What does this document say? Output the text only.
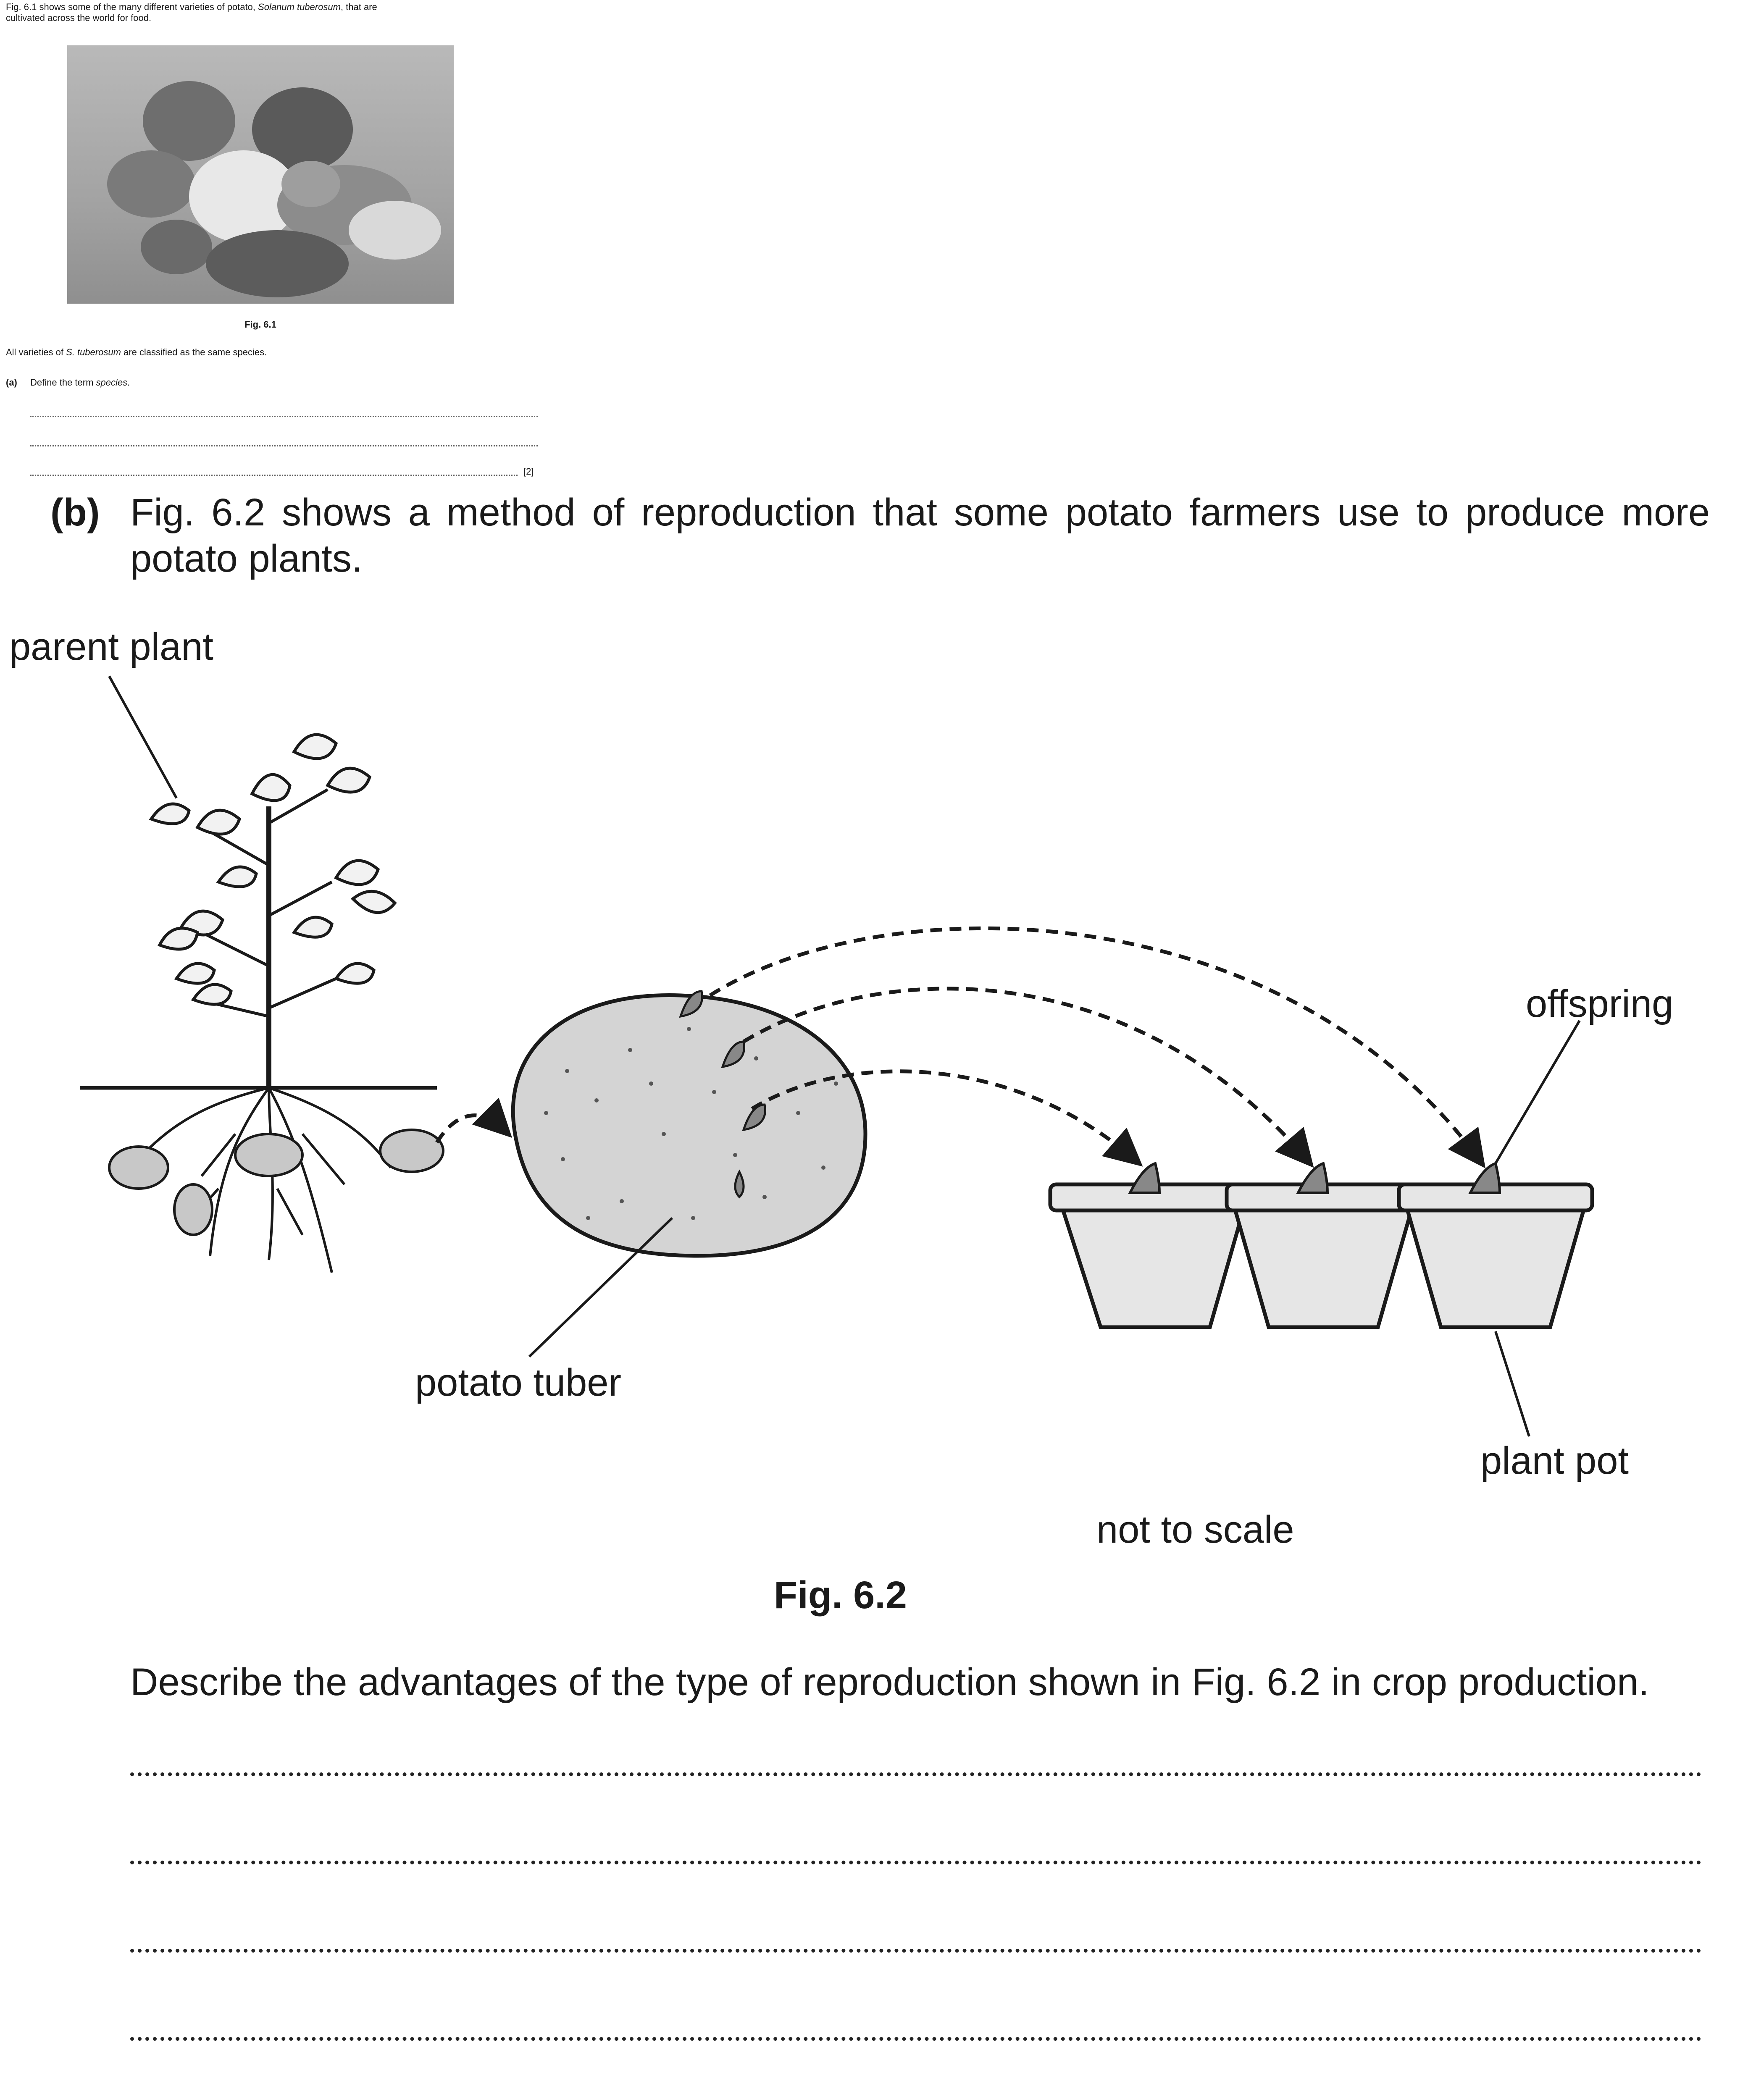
Fig. 6.1 shows some of the many different varieties of potato, Solanum tuberosum, that are
cultivated across the world for food.
Fig. 6.1
All varieties of S. tuberosum are classified as the same species.
(a) Define the term species.
[2]
(b) Fig. 6.2 shows a method of reproduction that some potato farmers use to produce more
potato plants.
parent plant
offspring
potato tuber
plant pot
not to scale
Fig. 6.2
Describe the advantages of the type of reproduction shown in Fig. 6.2 in crop production.
